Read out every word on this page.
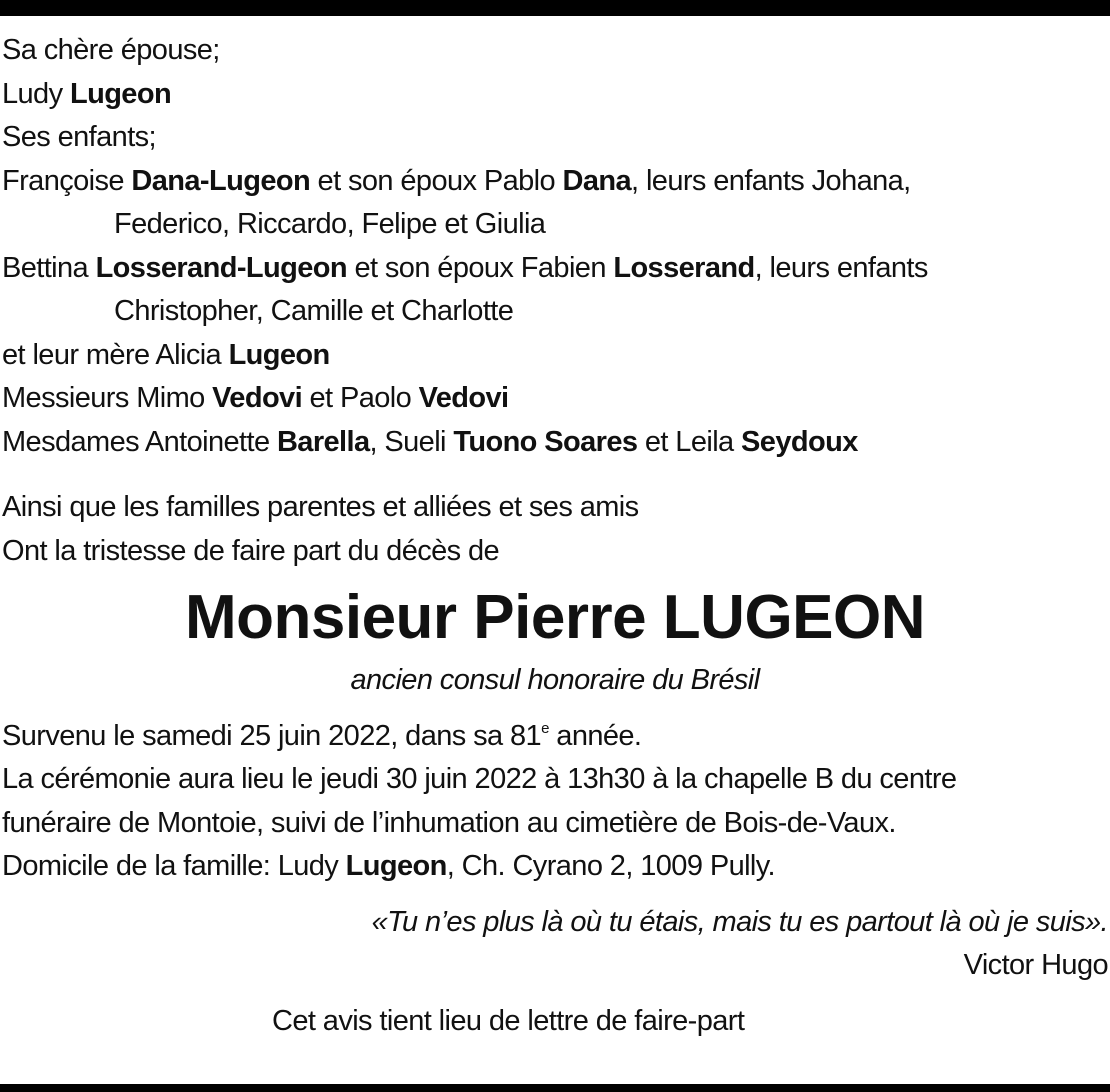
Sa chère épouse;
Ludy Lugeon
Ses enfants;
Françoise Dana-Lugeon et son époux Pablo Dana, leurs enfants Johana,
Federico, Riccardo, Felipe et Giulia
Bettina Losserand-Lugeon et son époux Fabien Losserand, leurs enfants
Christopher, Camille et Charlotte
et leur mère Alicia Lugeon
Messieurs Mimo Vedovi et Paolo Vedovi
Mesdames Antoinette Barella, Sueli Tuono Soares et Leila Seydoux
Ainsi que les familles parentes et alliées et ses amis
Ont la tristesse de faire part du décès de
Monsieur Pierre LUGEON
ancien consul honoraire du Brésil
Survenu le samedi 25 juin 2022, dans sa 81e année.
La cérémonie aura lieu le jeudi 30 juin 2022 à 13h30 à la chapelle B du centre
funéraire de Montoie, suivi de l’inhumation au cimetière de Bois-de-Vaux.
Domicile de la famille: Ludy Lugeon, Ch. Cyrano 2, 1009 Pully.
«Tu n’es plus là où tu étais, mais tu es partout là où je suis».
Victor Hugo
Cet avis tient lieu de lettre de faire-part
